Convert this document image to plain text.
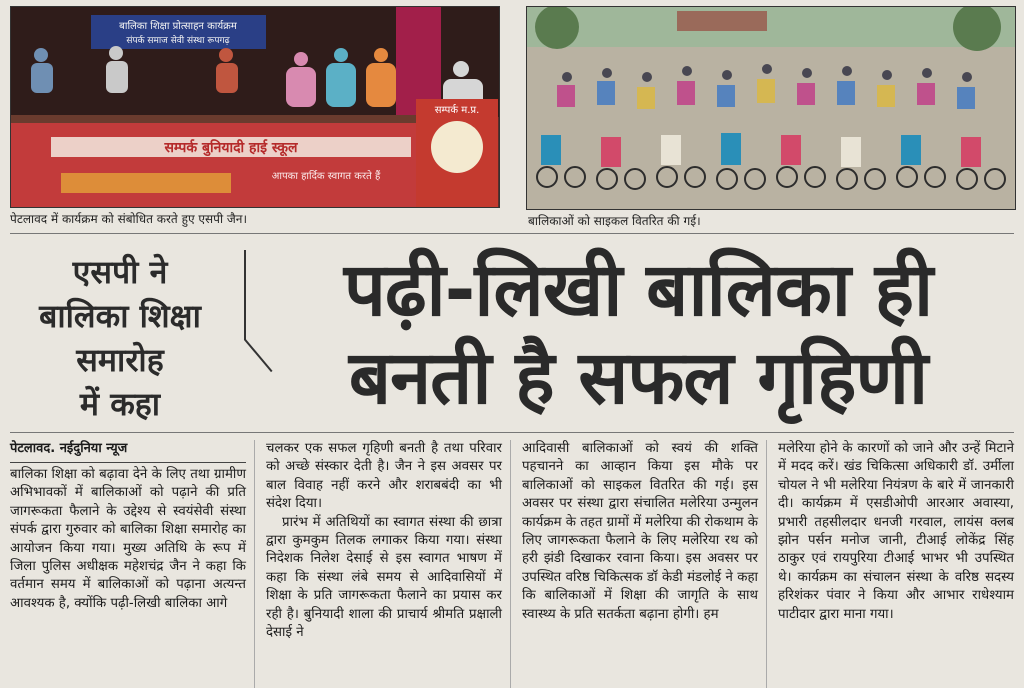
बालिका शिक्षा प्रोत्साहन कार्यक्रम
संपर्क समाज सेवी संस्था रूपगढ़
सम्पर्क बुनियादी हाई स्कूल
आपका हार्दिक स्वागत करते हैं
सम्पर्क म.प्र.
पेटलावद में कार्यक्रम को संबोधित करते हुए एसपी जैन।	बालिकाओं को साइकल वितरित की गई।
एसपी ने
बालिका शिक्षा
समारोह
में कहा
पढ़ी-लिखी बालिका ही
बनती है सफल गृहिणी
पेटलावद. नईदुनिया न्यूज

बालिका शिक्षा को बढ़ावा देने के लिए तथा ग्रामीण अभिभावकों में बालिकाओं को पढ़ाने की प्रति जागरूकता फैलाने के उद्देश्य से स्वयंसेवी संस्था संपर्क द्वारा गुरुवार को बालिका शिक्षा समारोह का आयोजन किया गया। मुख्य अतिथि के रूप में जिला पुलिस अधीक्षक महेशचंद्र जैन ने कहा कि वर्तमान समय में बालिकाओं को पढ़ाना अत्यन्त आवश्यक है, क्योंकि पढ़ी-लिखी बालिका आगे

चलकर एक सफल गृहिणी बनती है तथा परिवार को अच्छे संस्कार देती है। जैन ने इस अवसर पर बाल विवाह नहीं करने और शराबबंदी का भी संदेश दिया।

प्रारंभ में अतिथियों का स्वागत संस्था की छात्रा द्वारा कुमकुम तिलक लगाकर किया गया। संस्था निदेशक निलेश देसाई से इस स्वागत भाषण में कहा कि संस्था लंबे समय से आदिवासियों में शिक्षा के प्रति जागरूकता फैलाने का प्रयास कर रही है। बुनियादी शाला की प्राचार्य श्रीमति प्रक्षाली देसाई ने

आदिवासी बालिकाओं को स्वयं की शक्ति पहचानने का आव्हान किया इस मौके पर बालिकाओं को साइकल वितरित की गई। इस अवसर पर संस्था द्वारा संचालित मलेरिया उन्मुलन कार्यक्रम के तहत ग्रामों में मलेरिया की रोकथाम के लिए जागरूकता फैलाने के लिए मलेरिया रथ को हरी झंडी दिखाकर रवाना किया। इस अवसर पर उपस्थित वरिष्ठ चिकित्सक डॉ केडी मंडलोई ने कहा कि बालिकाओं में शिक्षा की जागृति के साथ स्वास्थ्य के प्रति सतर्कता बढ़ाना होगी। हम

मलेरिया होने के कारणों को जाने और उन्हें मिटाने में मदद करें। खंड चिकित्सा अधिकारी डॉ. उर्मीला चोयल ने भी मलेरिया नियंत्रण के बारे में जानकारी दी। कार्यक्रम में एसडीओपी आरआर अवास्या, प्रभारी तहसीलदार धनजी गरवाल, लायंस क्लब झोन पर्सन मनोज जानी, टीआई लोकेंद्र सिंह ठाकुर एवं रायपुरिया टीआई भाभर भी उपस्थित थे। कार्यक्रम का संचालन संस्था के वरिष्ठ सदस्य हरिशंकर पंवार ने किया और आभार राधेश्याम पाटीदार द्वारा माना गया।
